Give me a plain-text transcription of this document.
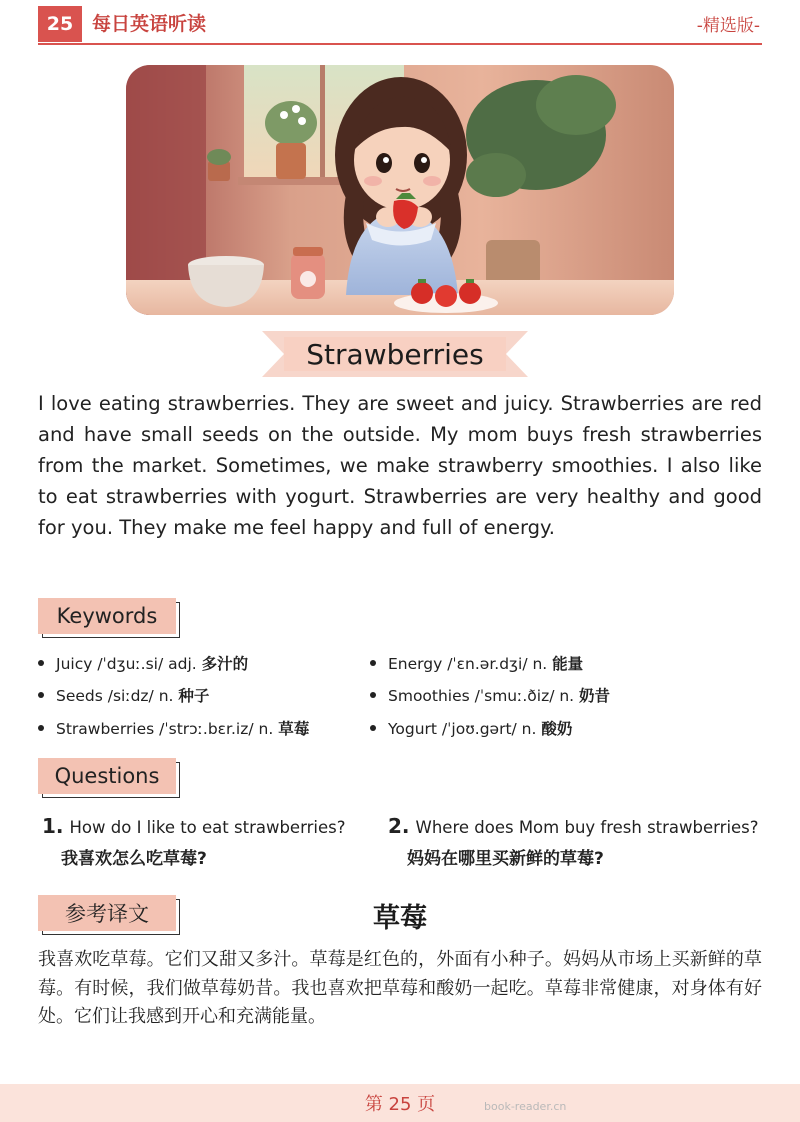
25 每日英语听读	-精选版-
Strawberries

I love eating strawberries. They are sweet and juicy. Strawberries are red and have small seeds on the outside. My mom buys fresh strawberries from the market. Sometimes, we make strawberry smoothies. I also like to eat strawberries with yogurt. Strawberries are very healthy and good for you. They make me feel happy and full of energy.

Keywords
Juicy /ˈdʒuː.si/ adj. 多汁的
Seeds /siːdz/ n. 种子
Strawberries /ˈstrɔː.bɛr.iz/ n. 草莓
Energy /ˈɛn.ər.dʒi/ n. 能量
Smoothies /ˈsmuː.ðiz/ n. 奶昔
Yogurt /ˈjoʊ.gərt/ n. 酸奶
Questions
1. How do I like to eat strawberries?
我喜欢怎么吃草莓?
2. Where does Mom buy fresh strawberries?
妈妈在哪里买新鲜的草莓?
参考译文	草莓

我喜欢吃草莓。它们又甜又多汁。草莓是红色的，外面有小种子。妈妈从市场上买新鲜的草莓。有时候，我们做草莓奶昔。我也喜欢把草莓和酸奶一起吃。草莓非常健康，对身体有好处。它们让我感到开心和充满能量。

第 25 页	book-reader.cn
